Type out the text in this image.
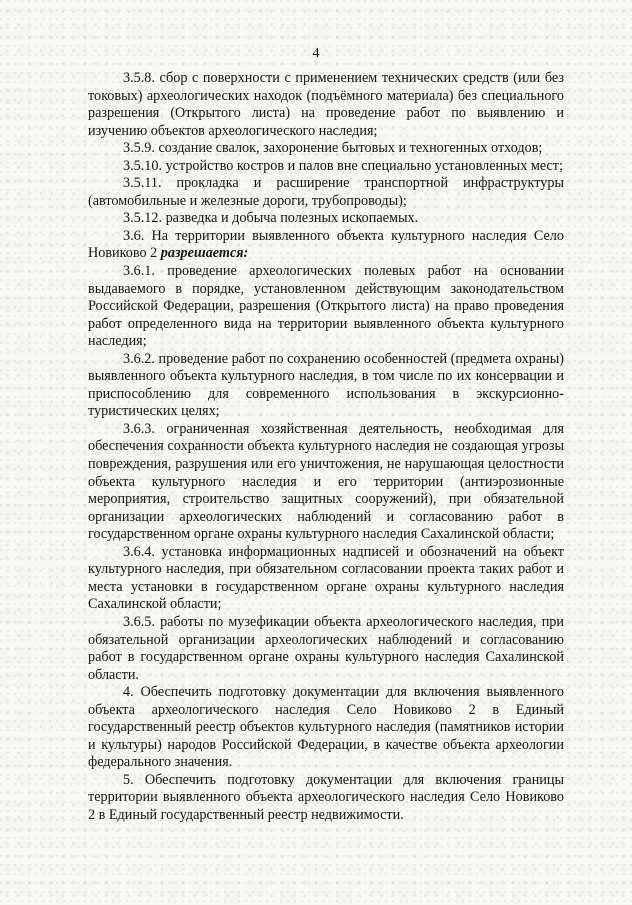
4

3.5.8. сбор с поверхности с применением технических средств (или без токовых) археологических находок (подъёмного материала) без специального разрешения (Открытого листа) на проведение работ по выявлению и изучению объектов археологического наследия;

3.5.9. создание свалок, захоронение бытовых и техногенных отходов;

3.5.10. устройство костров и палов вне специально установленных мест;

3.5.11. прокладка и расширение транспортной инфраструктуры (автомобильные и железные дороги, трубопроводы);

3.5.12. разведка и добыча полезных ископаемых.

3.6. На территории выявленного объекта культурного наследия Село Новиково 2 разрешается:

3.6.1. проведение археологических полевых работ на основании выдаваемого в порядке, установленном действующим законодательством Российской Федерации, разрешения (Открытого листа) на право проведения работ определенного вида на территории выявленного объекта культурного наследия;

3.6.2. проведение работ по сохранению особенностей (предмета охраны) выявленного объекта культурного наследия, в том числе по их консервации и приспособлению для современного использования в экскурсионно-туристических целях;

3.6.3. ограниченная хозяйственная деятельность, необходимая для обеспечения сохранности объекта культурного наследия не создающая угрозы повреждения, разрушения или его уничтожения, не нарушающая целостности объекта культурного наследия и его территории (антиэрозионные мероприятия, строительство защитных сооружений), при обязательной организации археологических наблюдений и согласованию работ в государственном органе охраны культурного наследия Сахалинской области;

3.6.4. установка информационных надписей и обозначений на объект культурного наследия, при обязательном согласовании проекта таких работ и места установки в государственном органе охраны культурного наследия Сахалинской области;

3.6.5. работы по музефикации объекта археологического наследия, при обязательной организации археологических наблюдений и согласованию работ в государственном органе охраны культурного наследия Сахалинской области.

4. Обеспечить подготовку документации для включения выявленного объекта археологического наследия Село Новиково 2 в Единый государственный реестр объектов культурного наследия (памятников истории и культуры) народов Российской Федерации, в качестве объекта археологии федерального значения.

5. Обеспечить подготовку документации для включения границы территории выявленного объекта археологического наследия Село Новиково 2 в Единый государственный реестр недвижимости.
